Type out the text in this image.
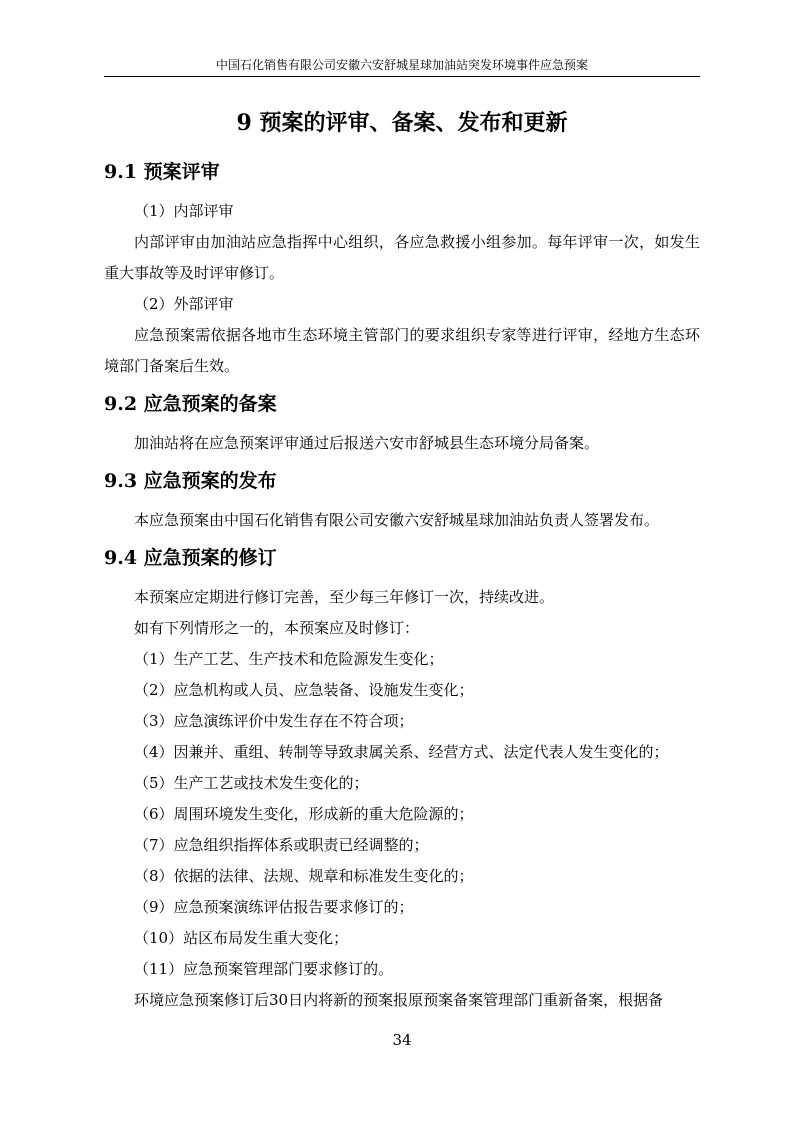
中国石化销售有限公司安徽六安舒城星球加油站突发环境事件应急预案
9 预案的评审、备案、发布和更新
9.1 预案评审

（1）内部评审

内部评审由加油站应急指挥中心组织，各应急救援小组参加。每年评审一次，如发生重大事故等及时评审修订。

（2）外部评审

应急预案需依据各地市生态环境主管部门的要求组织专家等进行评审，经地方生态环境部门备案后生效。

9.2 应急预案的备案

加油站将在应急预案评审通过后报送六安市舒城县生态环境分局备案。

9.3 应急预案的发布

本应急预案由中国石化销售有限公司安徽六安舒城星球加油站负责人签署发布。

9.4 应急预案的修订

本预案应定期进行修订完善，至少每三年修订一次，持续改进。

如有下列情形之一的，本预案应及时修订：

（1）生产工艺、生产技术和危险源发生变化；

（2）应急机构或人员、应急装备、设施发生变化；

（3）应急演练评价中发生存在不符合项；

（4）因兼并、重组、转制等导致隶属关系、经营方式、法定代表人发生变化的；

（5）生产工艺或技术发生变化的；

（6）周围环境发生变化，形成新的重大危险源的；

（7）应急组织指挥体系或职责已经调整的；

（8）依据的法律、法规、规章和标准发生变化的；

（9）应急预案演练评估报告要求修订的；

（10）站区布局发生重大变化；

（11）应急预案管理部门要求修订的。

环境应急预案修订后30日内将新的预案报原预案备案管理部门重新备案，根据备

34
